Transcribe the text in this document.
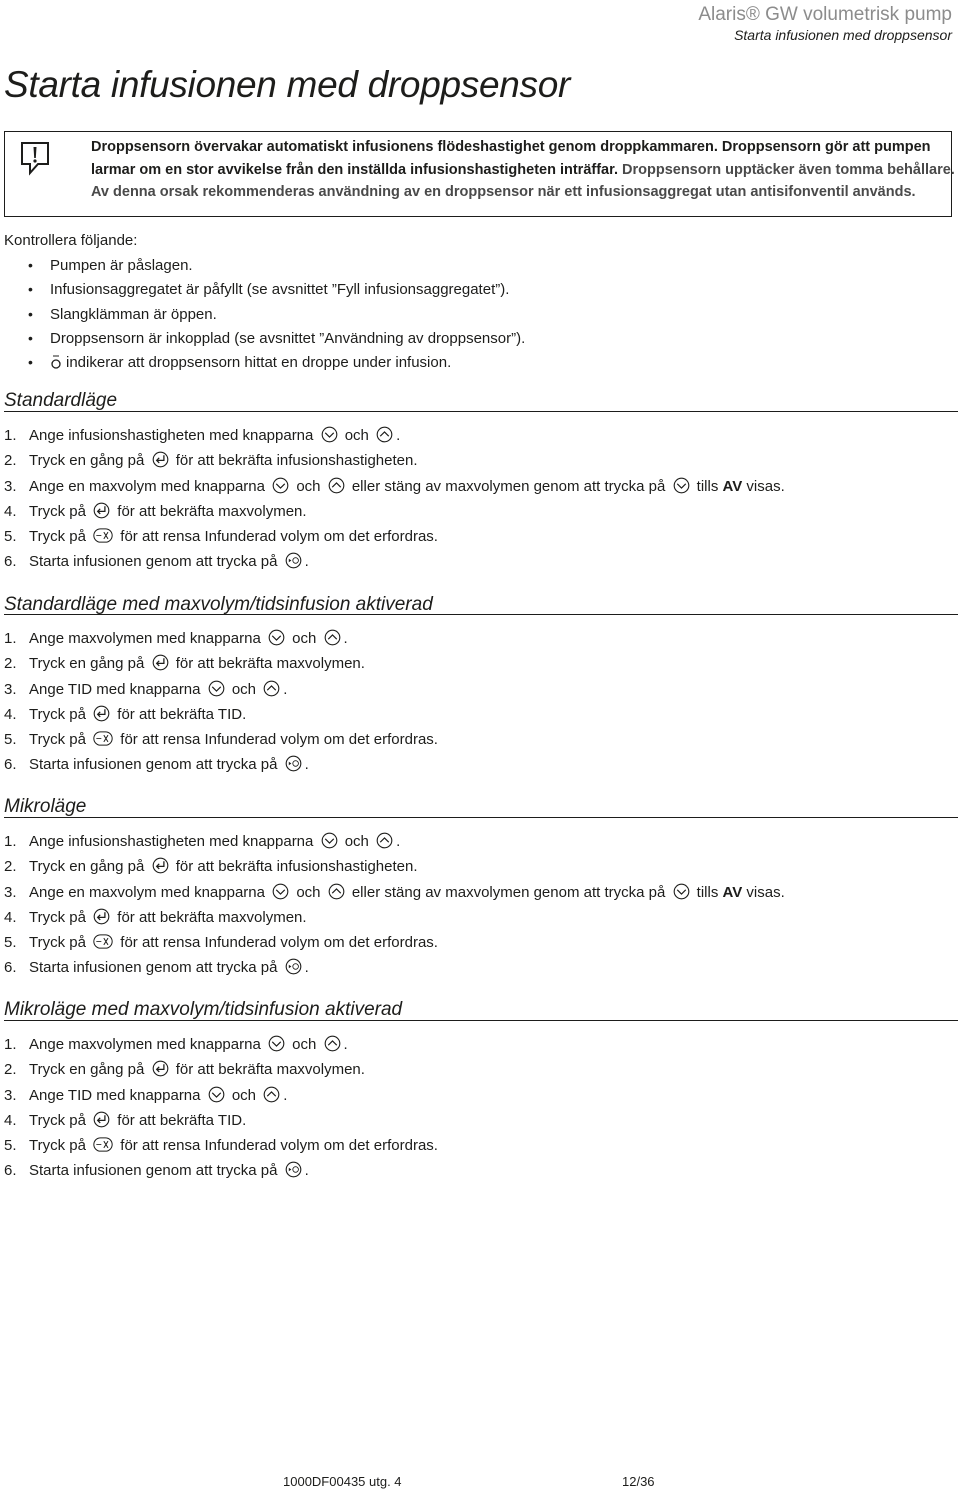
Alaris® GW volumetrisk pump
Starta infusionen med droppsensor
Starta infusionen med droppsensor
Droppsensorn övervakar automatiskt infusionens flödeshastighet genom droppkammaren. Droppsensorn gör att pumpen larmar om en stor avvikelse från den inställda infusionshastigheten inträffar. Droppsensorn upptäcker även tomma behållare. Av denna orsak rekommenderas användning av en droppsensor när ett infusionsaggregat utan antisifonventil används.
Kontrollera följande:
• Pumpen är påslagen.
• Infusionsaggregatet är påfyllt (se avsnittet ”Fyll infusionsaggregatet”).
• Slangklämman är öppen.
• Droppsensorn är inkopplad (se avsnittet ”Användning av droppsensor”).
• indikerar att droppsensorn hittat en droppe under infusion.
Standardläge
1. Ange infusionshastigheten med knapparna och .
2. Tryck en gång på för att bekräfta infusionshastigheten.
3. Ange en maxvolym med knapparna och eller stäng av maxvolymen genom att trycka på tills AV visas.
4. Tryck på för att bekräfta maxvolymen.
5. Tryck på för att rensa Infunderad volym om det erfordras.
6. Starta infusionen genom att trycka på .
Standardläge med maxvolym/tidsinfusion aktiverad
1. Ange maxvolymen med knapparna och .
2. Tryck en gång på för att bekräfta maxvolymen.
3. Ange TID med knapparna och .
4. Tryck på för att bekräfta TID.
5. Tryck på för att rensa Infunderad volym om det erfordras.
6. Starta infusionen genom att trycka på .
Mikroläge
1. Ange infusionshastigheten med knapparna och .
2. Tryck en gång på för att bekräfta infusionshastigheten.
3. Ange en maxvolym med knapparna och eller stäng av maxvolymen genom att trycka på tills AV visas.
4. Tryck på för att bekräfta maxvolymen.
5. Tryck på för att rensa Infunderad volym om det erfordras.
6. Starta infusionen genom att trycka på .
Mikroläge med maxvolym/tidsinfusion aktiverad
1. Ange maxvolymen med knapparna och .
2. Tryck en gång på för att bekräfta maxvolymen.
3. Ange TID med knapparna och .
4. Tryck på för att bekräfta TID.
5. Tryck på för att rensa Infunderad volym om det erfordras.
6. Starta infusionen genom att trycka på .
1000DF00435 utg. 4	12/36
